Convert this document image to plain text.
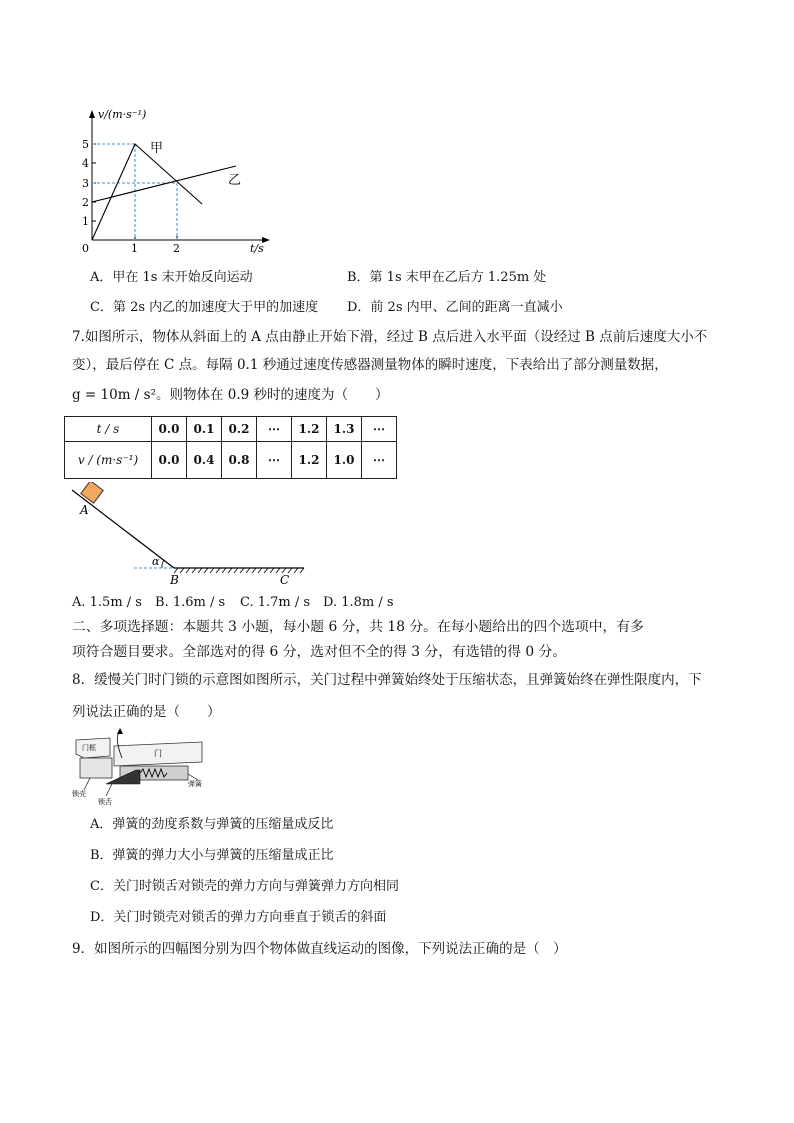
v/(m·s⁻¹)
t/s
1
2
3
4
5
0	1	2
甲
乙
A．甲在 1s 末开始反向运动	B．第 1s 末甲在乙后方 1.25m 处
C．第 2s 内乙的加速度大于甲的加速度 D．前 2s 内甲、乙间的距离一直减小
7.如图所示，物体从斜面上的 A 点由静止开始下滑，经过 B 点后进入水平面（设经过 B 点前后速度大小不
变），最后停在 C 点。每隔 0.1 秒通过速度传感器测量物体的瞬时速度，下表给出了部分测量数据，
g = 10m / s²。则物体在 0.9 秒时的速度为（　　）
t / s	0.0	0.1	0.2	⋯	1.2	1.3	⋯
v / (m·s⁻¹)	0.0	0.4	0.8	⋯	1.2	1.0	⋯
A
α
B	C
A. 1.5m / s B. 1.6m / s C. 1.7m / s D. 1.8m / s
二、多项选择题：本题共 3 小题，每小题 6 分，共 18 分。在每小题给出的四个选项中，有多
项符合题目要求。全部选对的得 6 分，选对但不全的得 3 分，有选错的得 0 分。
8．缓慢关门时门锁的示意图如图所示，关门过程中弹簧始终处于压缩状态，且弹簧始终在弹性限度内，下
列说法正确的是（　　）
门框
门
弹簧
锁壳
锁舌
A．弹簧的劲度系数与弹簧的压缩量成反比
B．弹簧的弹力大小与弹簧的压缩量成正比
C．关门时锁舌对锁壳的弹力方向与弹簧弹力方向相同
D．关门时锁壳对锁舌的弹力方向垂直于锁舌的斜面
9．如图所示的四幅图分别为四个物体做直线运动的图像，下列说法正确的是（　）
